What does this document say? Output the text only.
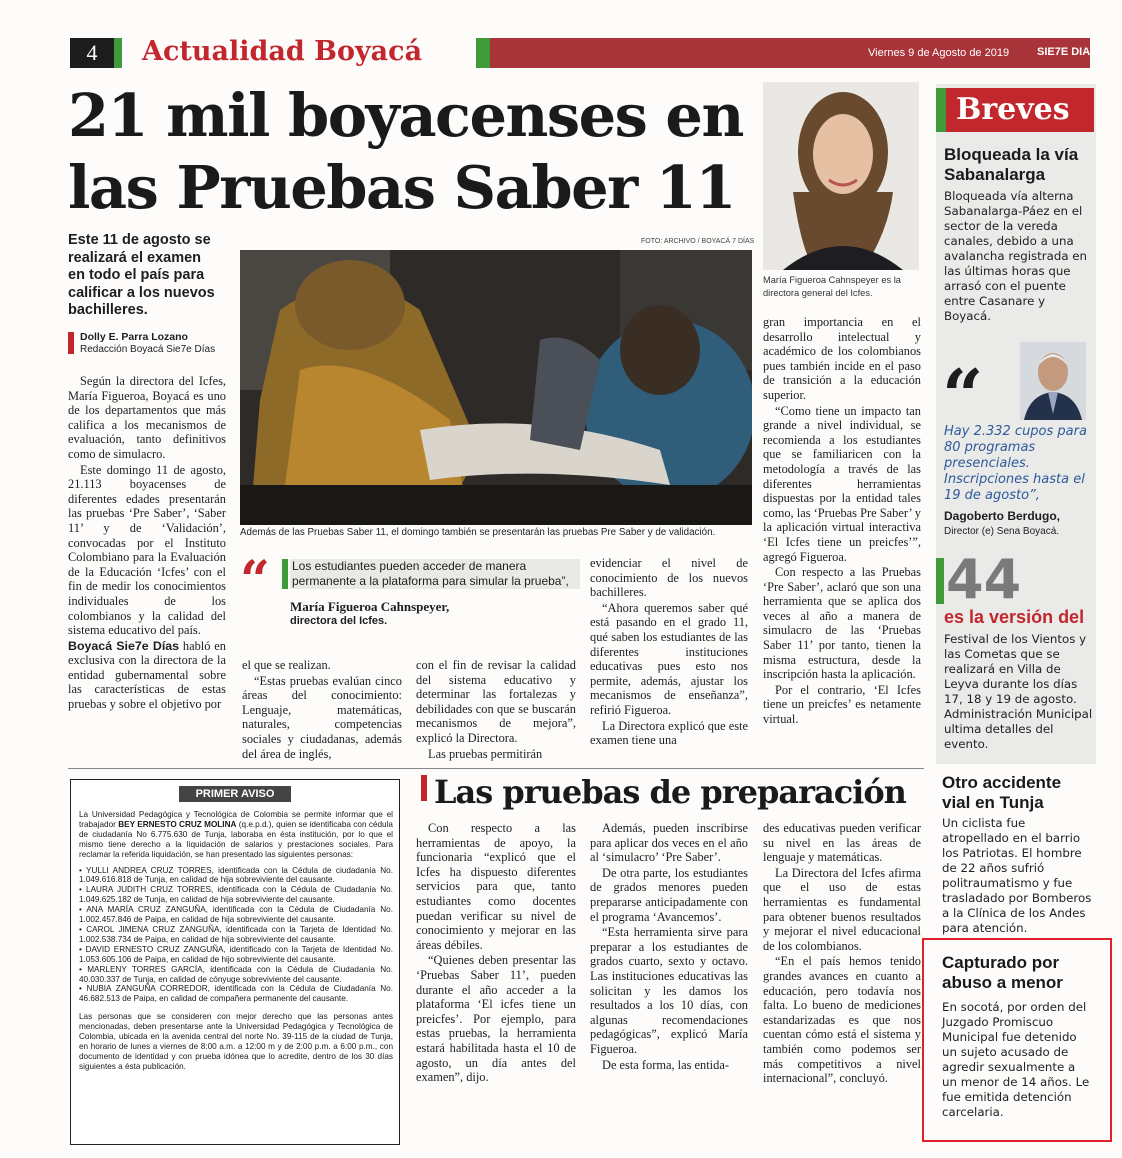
4	Actualidad Boyacá	Viernes 9 de Agosto de 2019	SIE7E DIAS
21 mil boyacenses en
las Pruebas Saber 11
Este 11 de agosto se
realizará el examen
en todo el país para
calificar a los nuevos
bachilleres.
Dolly E. Parra Lozano
Redacción Boyacá Sie7e Días
FOTO: ARCHIVO / BOYACÁ 7 DÍAS
Además de las Pruebas Saber 11, el domingo también se presentarán las pruebas Pre Saber y de validación.
María Figueroa Cahnspeyer es la directora general del Icfes.

Según la directora del Icfes, María Figueroa, Boyacá es uno de los departamentos que más califica a los mecanismos de evaluación, tanto definitivos como de simulacro.

Este domingo 11 de agosto, 21.113 boyacenses de diferentes edades presentarán las pruebas ‘Pre Saber’, ‘Saber 11’ y de ‘Validación’, convocadas por el Instituto Colombiano para la Evaluación de la Educación ‘Icfes’ con el fin de medir los conocimientos individuales de los colombianos y la calidad del sistema educativo del país.

Boyacá Sie7e Días habló en exclusiva con la directora de la entidad gubernamental sobre las características de estas pruebas y sobre el objetivo por

“ Los estudiantes pueden acceder de manera permanente a la plataforma para simular la prueba”,
María Figueroa Cahnspeyer,
directora del Icfes.

el que se realizan.

“Estas pruebas evalúan cinco áreas del conocimiento: Lenguaje, matemáticas, naturales, competencias sociales y ciudadanas, además del área de inglés,

con el fin de revisar la calidad del sistema educativo y determinar las fortalezas y debilidades con que se buscarán mecanismos de mejora”, explicó la Directora.

Las pruebas permitirán

evidenciar el nivel de conocimiento de los nuevos bachilleres.

“Ahora queremos saber qué está pasando en el grado 11, qué saben los estudiantes de las diferentes instituciones educativas pues esto nos permite, además, ajustar los mecanismos de enseñanza”, refirió Figueroa.

La Directora explicó que este examen tiene una

gran importancia en el desarrollo intelectual y académico de los colombianos pues también incide en el paso de transición a la educación superior.

“Como tiene un impacto tan grande a nivel individual, se recomienda a los estudiantes que se familiaricen con la metodología a través de las diferentes herramientas dispuestas por la entidad tales como, las ‘Pruebas Pre Saber’ y la aplicación virtual interactiva ‘El Icfes tiene un preicfes’”, agregó Figueroa.

Con respecto a las Pruebas ‘Pre Saber’, aclaró que son una herramienta que se aplica dos veces al año a manera de simulacro de las ‘Pruebas Saber 11’ por tanto, tienen la misma estructura, desde la inscripción hasta la aplicación.

Por el contrario, ‘El Icfes tiene un preicfes’ es netamente virtual.

PRIMER AVISO
La Universidad Pedagógica y Tecnológica de Colombia se permite informar que el trabajador BEY ERNESTO CRUZ MOLINA (q.e.p.d.), quien se identificaba con cédula de ciudadanía No 6.775.630 de Tunja, laboraba en ésta institución, por lo que el mismo tiene derecho a la liquidación de salarios y prestaciones sociales. Para reclamar la referida liquidación, se han presentado las siguientes personas:
• YULLI ANDREA CRUZ TORRES, identificada con la Cédula de ciudadanía No. 1.049.616.818 de Tunja, en calidad de hija sobreviviente del causante.
• LAURA JUDITH CRUZ TORRES, identificada con la Cédula de Ciudadanía No. 1.049.625.182 de Tunja, en calidad de hija sobreviviente del causante.
• ANA MARÍA CRUZ ZANGUÑA, identificada con la Cédula de Ciudadanía No. 1.002.457.846 de Paipa, en calidad de hija sobreviviente del causante.
• CAROL JIMENA CRUZ ZANGUÑA, identificada con la Tarjeta de Identidad No. 1.002.538.734 de Paipa, en calidad de hija sobreviviente del causante.
• DAVID ERNESTO CRUZ ZANGUÑA, identificado con la Tarjeta de Identidad No. 1.053.605.106 de Paipa, en calidad de hijo sobreviviente del causante.
• MARLENY TORRES GARCÍA, identificada con la Cédula de Ciudadanía No. 40.030.337 de Tunja, en calidad de cónyuge sobreviviente del causante.
• NUBIA ZANGUÑA CORREDOR, identificada con la Cédula de Ciudadanía No. 46.682.513 de Paipa, en calidad de compañera permanente del causante.
Las personas que se consideren con mejor derecho que las personas antes mencionadas, deben presentarse ante la Universidad Pedagógica y Tecnológica de Colombia, ubicada en la avenida central del norte No. 39-115 de la ciudad de Tunja, en horario de lunes a viernes de 8:00 a.m. a 12:00 m y de 2:00 p.m. a 6:00 p.m., con documento de identidad y con prueba idónea que lo acredite, dentro de los 30 días siguientes a ésta publicación.
Las pruebas de preparación

Con respecto a las herramientas de apoyo, la funcionaria “explicó que el Icfes ha dispuesto diferentes servicios para que, tanto estudiantes como docentes puedan verificar su nivel de conocimiento y mejorar en las áreas débiles.

“Quienes deben presentar las ‘Pruebas Saber 11’, pueden durante el año acceder a la plataforma ‘El icfes tiene un preicfes’. Por ejemplo, para estas pruebas, la herramienta estará habilitada hasta el 10 de agosto, un día antes del examen”, dijo.

Además, pueden inscribirse para aplicar dos veces en el año al ‘simulacro’ ‘Pre Saber’.

De otra parte, los estudiantes de grados menores pueden prepararse anticipadamente con el programa ‘Avancemos’.

“Esta herramienta sirve para preparar a los estudiantes de grados cuarto, sexto y octavo. Las instituciones educativas las solicitan y les damos los resultados a los 10 días, con algunas recomendaciones pedagógicas”, explicó María Figueroa.

De esta forma, las entida-

des educativas pueden verificar su nivel en las áreas de lenguaje y matemáticas.

La Directora del Icfes afirma que el uso de estas herramientas es fundamental para obtener buenos resultados y mejorar el nivel educacional de los colombianos.

“En el país hemos tenido grandes avances en cuanto a educación, pero todavía nos falta. Lo bueno de mediciones estandarizadas es que nos cuentan cómo está el sistema y también como podemos ser más competitivos a nivel internacional”, concluyó.

Breves
Bloqueada la vía Sabanalarga
Bloqueada vía alterna Sabanalarga-Páez en el sector de la vereda canales, debido a una avalancha registrada en las últimas horas que arrasó con el puente entre Casanare y Boyacá.
“
Hay 2.332 cupos para 80 programas presenciales. Inscripciones hasta el 19 de agosto”,
Dagoberto Berdugo,
Director (e) Sena Boyacá.
44
es la versión del
Festival de los Vientos y las Cometas que se realizará en Villa de Leyva durante los días 17, 18 y 19 de agosto. Administración Municipal ultima detalles del evento.
Otro accidente vial en Tunja
Un ciclista fue atropellado en el barrio los Patriotas. El hombre de 22 años sufrió politraumatismo y fue trasladado por Bomberos a la Clínica de los Andes para atención.
Capturado por abuso a menor
En socotá, por orden del Juzgado Promiscuo Municipal fue detenido un sujeto acusado de agredir sexualmente a un menor de 14 años. Le fue emitida detención carcelaria.
